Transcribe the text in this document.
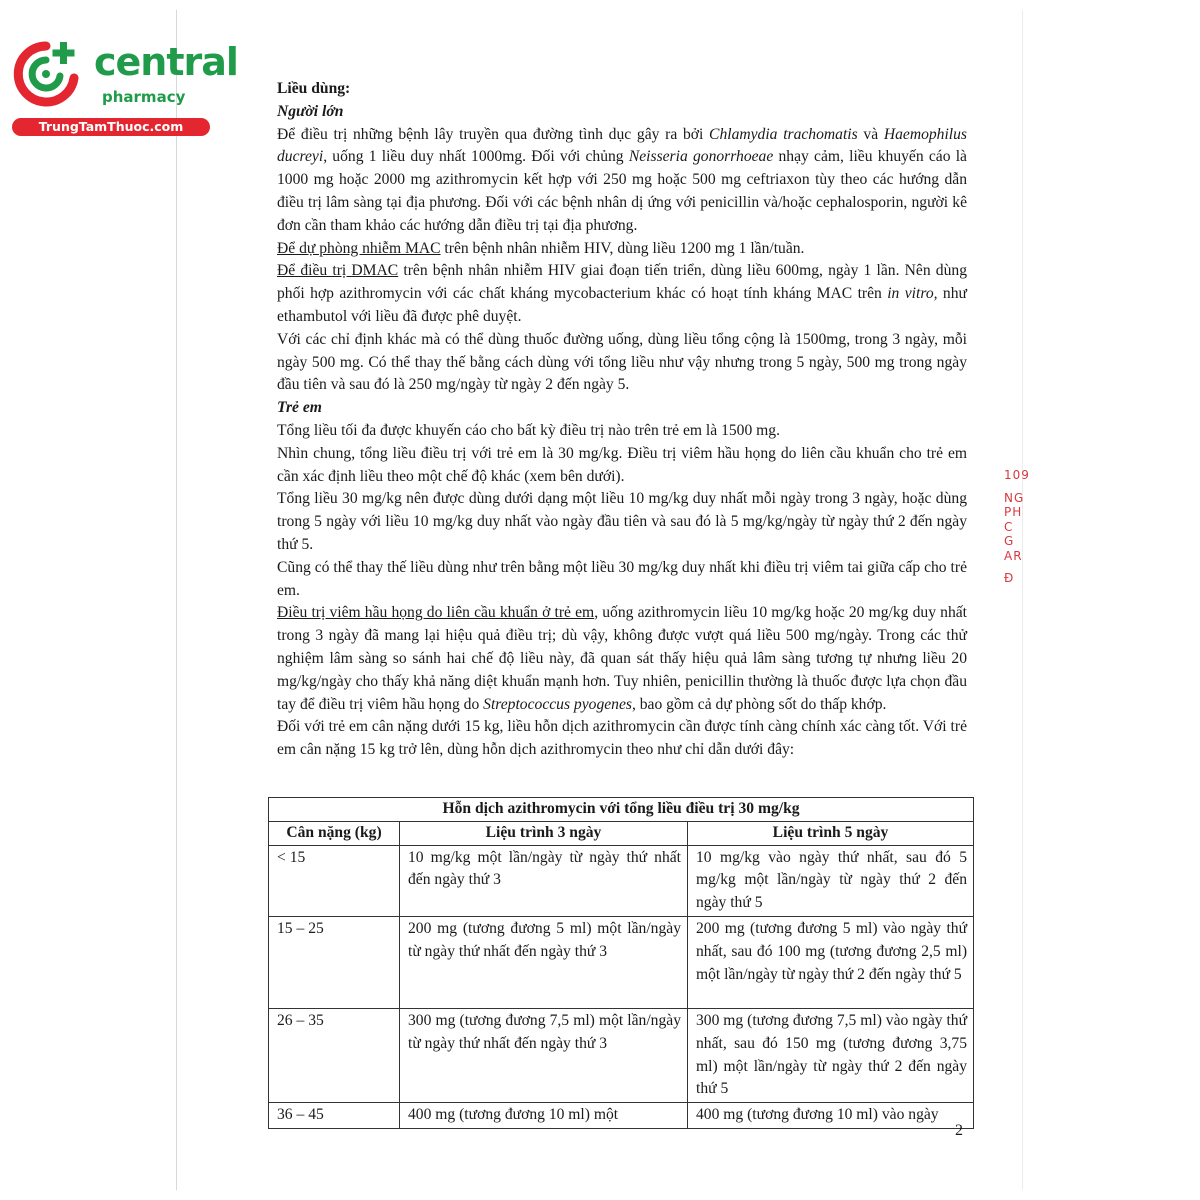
central
pharmacy
TrungTamThuoc.com

Liều dùng:

Người lớn

Để điều trị những bệnh lây truyền qua đường tình dục gây ra bởi Chlamydia trachomatis và Haemophilus ducreyi, uống 1 liều duy nhất 1000mg. Đối với chủng Neisseria gonorrhoeae nhạy cảm, liều khuyến cáo là 1000 mg hoặc 2000 mg azithromycin kết hợp với 250 mg hoặc 500 mg ceftriaxon tùy theo các hướng dẫn điều trị lâm sàng tại địa phương. Đối với các bệnh nhân dị ứng với penicillin và/hoặc cephalosporin, người kê đơn cần tham khảo các hướng dẫn điều trị tại địa phương.

Để dự phòng nhiễm MAC trên bệnh nhân nhiễm HIV, dùng liều 1200 mg 1 lần/tuần.

Để điều trị DMAC trên bệnh nhân nhiễm HIV giai đoạn tiến triển, dùng liều 600mg, ngày 1 lần. Nên dùng phối hợp azithromycin với các chất kháng mycobacterium khác có hoạt tính kháng MAC trên in vitro, như ethambutol với liều đã được phê duyệt.

Với các chỉ định khác mà có thể dùng thuốc đường uống, dùng liều tổng cộng là 1500mg, trong 3 ngày, mỗi ngày 500 mg. Có thể thay thế bằng cách dùng với tổng liều như vậy nhưng trong 5 ngày, 500 mg trong ngày đầu tiên và sau đó là 250 mg/ngày từ ngày 2 đến ngày 5.

Trẻ em

Tổng liều tối đa được khuyến cáo cho bất kỳ điều trị nào trên trẻ em là 1500 mg.

Nhìn chung, tổng liều điều trị với trẻ em là 30 mg/kg. Điều trị viêm hầu họng do liên cầu khuẩn cho trẻ em cần xác định liều theo một chế độ khác (xem bên dưới).

Tổng liều 30 mg/kg nên được dùng dưới dạng một liều 10 mg/kg duy nhất mỗi ngày trong 3 ngày, hoặc dùng trong 5 ngày với liều 10 mg/kg duy nhất vào ngày đầu tiên và sau đó là 5 mg/kg/ngày từ ngày thứ 2 đến ngày thứ 5.

Cũng có thể thay thế liều dùng như trên bằng một liều 30 mg/kg duy nhất khi điều trị viêm tai giữa cấp cho trẻ em.

Điều trị viêm hầu họng do liên cầu khuẩn ở trẻ em, uống azithromycin liều 10 mg/kg hoặc 20 mg/kg duy nhất trong 3 ngày đã mang lại hiệu quả điều trị; dù vậy, không được vượt quá liều 500 mg/ngày. Trong các thử nghiệm lâm sàng so sánh hai chế độ liều này, đã quan sát thấy hiệu quả lâm sàng tương tự nhưng liều 20 mg/kg/ngày cho thấy khả năng diệt khuẩn mạnh hơn. Tuy nhiên, penicillin thường là thuốc được lựa chọn đầu tay để điều trị viêm hầu họng do Streptococcus pyogenes, bao gồm cả dự phòng sốt do thấp khớp.

Đối với trẻ em cân nặng dưới 15 kg, liều hỗn dịch azithromycin cần được tính càng chính xác càng tốt. Với trẻ em cân nặng 15 kg trở lên, dùng hỗn dịch azithromycin theo như chỉ dẫn dưới đây:

Hỗn dịch azithromycin với tổng liều điều trị 30 mg/kg		
Cân nặng (kg)	Liệu trình 3 ngày	Liệu trình 5 ngày
< 15	10 mg/kg một lần/ngày từ ngày thứ nhất đến ngày thứ 3	10 mg/kg vào ngày thứ nhất, sau đó 5 mg/kg một lần/ngày từ ngày thứ 2 đến ngày thứ 5
15 – 25	200 mg (tương đương 5 ml) một lần/ngày từ ngày thứ nhất đến ngày thứ 3	200 mg (tương đương 5 ml) vào ngày thứ nhất, sau đó 100 mg (tương đương 2,5 ml) một lần/ngày từ ngày thứ 2 đến ngày thứ 5
26 – 35	300 mg (tương đương 7,5 ml) một lần/ngày từ ngày thứ nhất đến ngày thứ 3	300 mg (tương đương 7,5 ml) vào ngày thứ nhất, sau đó 150 mg (tương đương 3,75 ml) một lần/ngày từ ngày thứ 2 đến ngày thứ 5
36 – 45	400 mg (tương đương 10 ml) một	400 mg (tương đương 10 ml) vào ngày
2
109
NG
PH
C
G
AR
Đ
